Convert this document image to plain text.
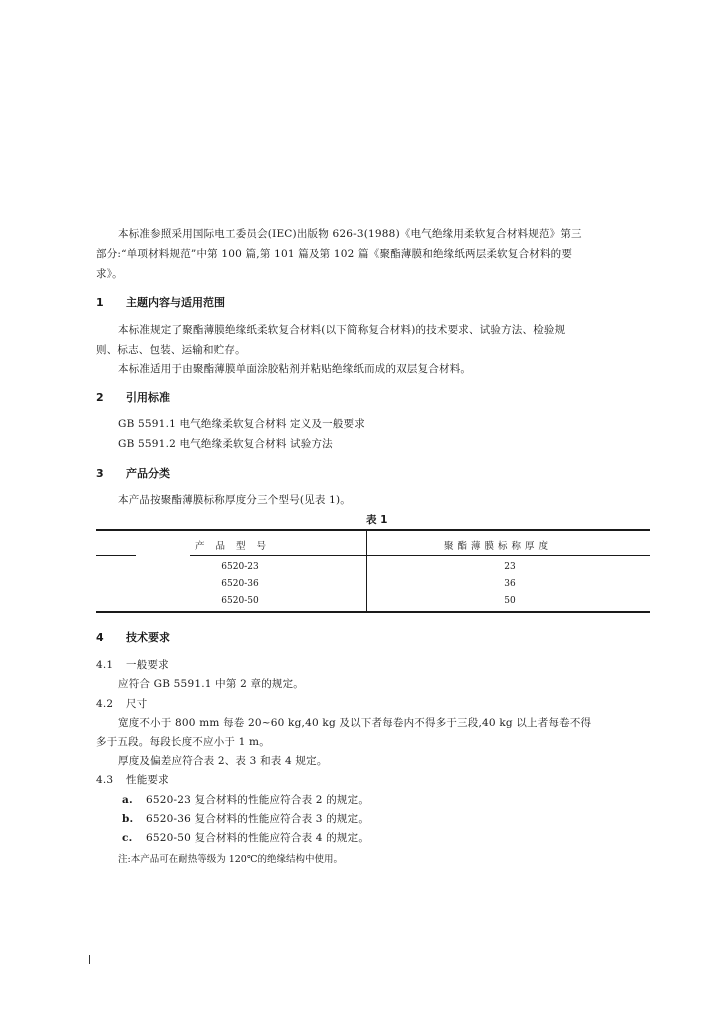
本标准参照采用国际电工委员会(IEC)出版物 626-3(1988)《电气绝缘用柔软复合材料规范》第三
部分:“单项材料规范”中第 100 篇,第 101 篇及第 102 篇《聚酯薄膜和绝缘纸两层柔软复合材料的要
求》。
1 主题内容与适用范围
本标准规定了聚酯薄膜绝缘纸柔软复合材料(以下简称复合材料)的技术要求、试验方法、检验规
则、标志、包装、运输和贮存。
本标准适用于由聚酯薄膜单面涂胶粘剂并粘贴绝缘纸而成的双层复合材料。
2 引用标准
GB 5591.1 电气绝缘柔软复合材料 定义及一般要求
GB 5591.2 电气绝缘柔软复合材料 试验方法
3 产品分类
本产品按聚酯薄膜标称厚度分三个型号(见表 1)。
表 1
产 品 型 号	聚酯薄膜标称厚度
6520-23	23
6520-36	36
6520-50	50
4 技术要求
4.1 一般要求
应符合 GB 5591.1 中第 2 章的规定。
4.2 尺寸
宽度不小于 800 mm 每卷 20~60 kg,40 kg 及以下者每卷内不得多于三段,40 kg 以上者每卷不得
多于五段。每段长度不应小于 1 m。
厚度及偏差应符合表 2、表 3 和表 4 规定。
4.3 性能要求
a. 6520-23 复合材料的性能应符合表 2 的规定。
b. 6520-36 复合材料的性能应符合表 3 的规定。
c. 6520-50 复合材料的性能应符合表 4 的规定。
注:本产品可在耐热等级为 120℃的绝缘结构中使用。
